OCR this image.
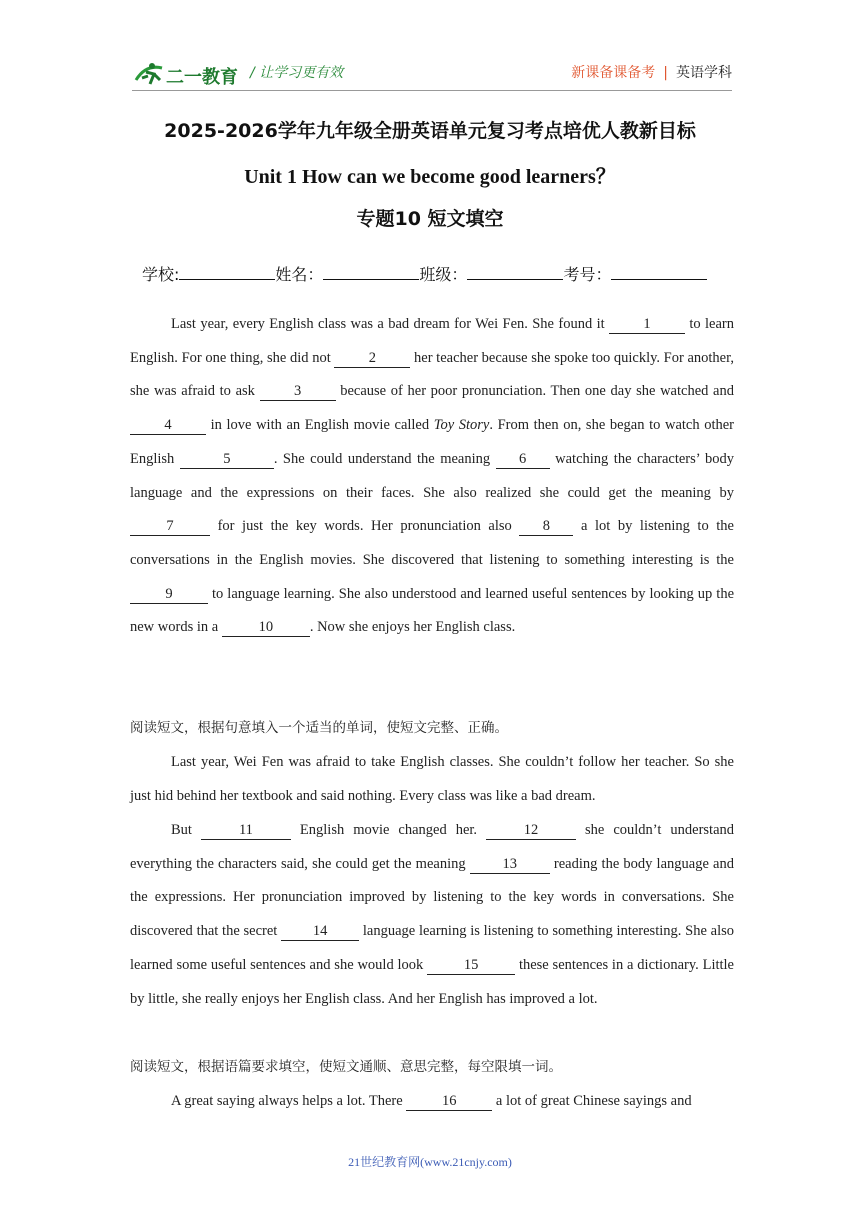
二一教育 / 让学习更有效	新课备课备考 | 英语学科
2025-2026学年九年级全册英语单元复习考点培优人教新目标
Unit 1 How can we become good learners？
专题10 短文填空
学校:	姓名：	班级：	考号：
Last year, every English class was a bad dream for Wei Fen. She found it 1 to learn English. For one thing, she did not 2 her teacher because she spoke too quickly. For another, she was afraid to ask 3 because of her poor pronunciation. Then one day she watched and 4 in love with an English movie called Toy Story. From then on, she began to watch other English	5	. She could understand the meaning 6 watching the characters’ body language and the expressions on their faces. She also realized she could get the meaning by 7	for just the key words. Her pronunciation also 8 a lot by listening to the conversations in the English movies. She discovered that listening to something interesting is the 9 to language learning. She also understood and learned useful sentences by looking up the new words in a	10	. Now she enjoys her English class.
阅读短文，根据句意填入一个适当的单词，使短文完整、正确。
Last year, Wei Fen was afraid to take English classes. She couldn’t follow her teacher. So she just hid behind her textbook and said nothing. Every class was like a bad dream.
But	11	English movie changed her.	12	she couldn’t understand everything the characters said, she could get the meaning 13 reading the body language and the expressions. Her pronunciation improved by listening to the key words in conversations. She discovered that the secret 14 language learning is listening to something interesting. She also learned some useful sentences and she would look	15	these sentences in a dictionary. Little by little, she really enjoys her English class. And her English has improved a lot.
阅读短文，根据语篇要求填空，使短文通顺、意思完整，每空限填一词。
A great saying always helps a lot. There 16 a lot of great Chinese sayings and
21世纪教育网(www.21cnjy.com)
